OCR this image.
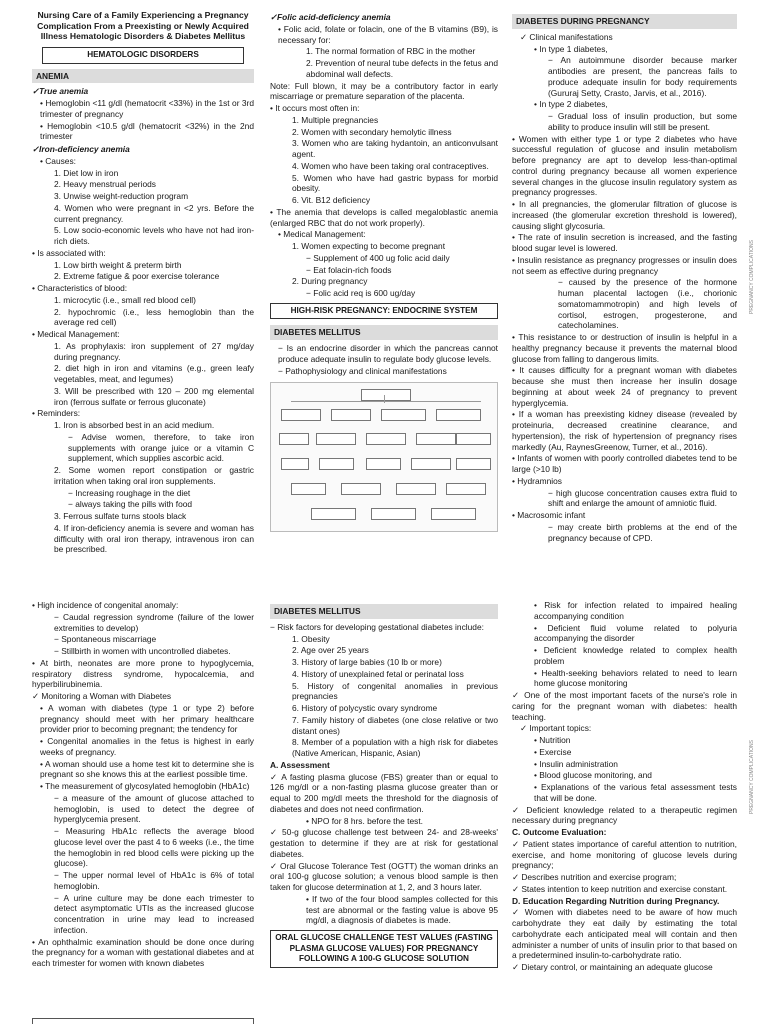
Nursing Care of a Family Experiencing a Pregnancy Complication From a Preexisting or Newly Acquired Illness Hematologic Disorders & Diabetes Mellitus
HEMATOLOGIC DISORDERS
ANEMIA
✓True anemia
• Hemoglobin <11 g/dl (hematocrit <33%) in the 1st or 3rd trimester of pregnancy
• Hemoglobin <10.5 g/dl (hematocrit <32%) in the 2nd trimester
✓Iron-deficiency anemia
• Causes:
1. Diet low in iron
2. Heavy menstrual periods
3. Unwise weight-reduction program
4. Women who were pregnant in <2 yrs. Before the current pregnancy.
5. Low socio-economic levels who have not had iron-rich diets.
• Is associated with:
1. Low birth weight & preterm birth
2. Extreme fatigue & poor exercise tolerance
• Characteristics of blood:
1. microcytic (i.e., small red blood cell)
2. hypochromic (i.e., less hemoglobin than the average red cell)
• Medical Management:
1. As prophylaxis: iron supplement of 27 mg/day during pregnancy.
2. diet high in iron and vitamins (e.g., green leafy vegetables, meat, and legumes)
3. Will be prescribed with 120 – 200 mg elemental iron (ferrous sulfate or ferrous gluconate)
• Reminders:
1. Iron is absorbed best in an acid medium.
− Advise women, therefore, to take iron supplements with orange juice or a vitamin C supplement, which supplies ascorbic acid.
2. Some women report constipation or gastric irritation when taking oral iron supplements.
− Increasing roughage in the diet
− always taking the pills with food
3. Ferrous sulfate turns stools black
4. If iron-deficiency anemia is severe and woman has difficulty with oral iron therapy, intravenous iron can be prescribed.
✓Folic acid-deficiency anemia
• Folic acid, folate or folacin, one of the B vitamins (B9), is necessary for:
1. The normal formation of RBC in the mother
2. Prevention of neural tube defects in the fetus and abdominal wall defects.
Note: Full blown, it may be a contributory factor in early miscarriage or premature separation of the placenta.
• It occurs most often in:
1. Multiple pregnancies
2. Women with secondary hemolytic illness
3. Women who are taking hydantoin, an anticonvulsant agent.
4. Women who have been taking oral contraceptives.
5. Women who have had gastric bypass for morbid obesity.
6. Vit. B12 deficiency
• The anemia that develops is called megaloblastic anemia (enlarged RBC that do not work properly).
• Medical Management:
1. Women expecting to become pregnant
− Supplement of 400 ug folic acid daily
− Eat folacin-rich foods
2. During pregnancy
− Folic acid req is 600 ug/day
HIGH-RISK PREGNANCY: ENDOCRINE SYSTEM
DIABETES MELLITUS
− Is an endocrine disorder in which the pancreas cannot produce adequate insulin to regulate body glucose levels.
− Pathophysiology and clinical manifestations
DIABETES DURING PREGNANCY
✓ Clinical manifestations
• In type 1 diabetes,
− An autoimmune disorder because marker antibodies are present, the pancreas fails to produce adequate insulin for body requirements (Gururaj Setty, Crasto, Jarvis, et al., 2016).
• In type 2 diabetes,
− Gradual loss of insulin production, but some ability to produce insulin will still be present.
• Women with either type 1 or type 2 diabetes who have successful regulation of glucose and insulin metabolism before pregnancy are apt to develop less-than-optimal control during pregnancy because all women experience several changes in the glucose insulin regulatory system as pregnancy progresses.
• In all pregnancies, the glomerular filtration of glucose is increased (the glomerular excretion threshold is lowered), causing slight glycosuria.
• The rate of insulin secretion is increased, and the fasting blood sugar level is lowered.
• Insulin resistance as pregnancy progresses or insulin does not seem as effective during pregnancy
− caused by the presence of the hormone human placental lactogen (i.e., chorionic somatomammotropin) and high levels of cortisol, estrogen, progesterone, and catecholamines.
• This resistance to or destruction of insulin is helpful in a healthy pregnancy because it prevents the maternal blood glucose from falling to dangerous limits.
• It causes difficulty for a pregnant woman with diabetes because she must then increase her insulin dosage beginning at about week 24 of pregnancy to prevent hyperglycemia.
• If a woman has preexisting kidney disease (revealed by proteinuria, decreased creatinine clearance, and hypertension), the risk of hypertension of pregnancy rises markedly (Au, RaynesGreenow, Turner, et al., 2016).
• Infants of women with poorly controlled diabetes tend to be large (>10 lb)
• Hydramnios
− high glucose concentration causes extra fluid to shift and enlarge the amount of amniotic fluid.
• Macrosomic infant
− may create birth problems at the end of the pregnancy because of CPD.
• High incidence of congenital anomaly:
− Caudal regression syndrome (failure of the lower extremities to develop)
− Spontaneous miscarriage
− Stillbirth in women with uncontrolled diabetes.
• At birth, neonates are more prone to hypoglycemia, respiratory distress syndrome, hypocalcemia, and hyperbilirubinemia.
✓ Monitoring a Woman with Diabetes
• A woman with diabetes (type 1 or type 2) before pregnancy should meet with her primary healthcare provider prior to becoming pregnant; the tendency for
• Congenital anomalies in the fetus is highest in early weeks of pregnancy.
• A woman should use a home test kit to determine she is pregnant so she knows this at the earliest possible time.
• The measurement of glycosylated hemoglobin (HbA1c)
− a measure of the amount of glucose attached to hemoglobin, is used to detect the degree of hyperglycemia present.
− Measuring HbA1c reflects the average blood glucose level over the past 4 to 6 weeks (i.e., the time the hemoglobin in red blood cells were picking up the glucose).
− The upper normal level of HbA1c is 6% of total hemoglobin.
− A urine culture may be done each trimester to detect asymptomatic UTIs as the increased glucose concentration in urine may lead to increased infection.
• An ophthalmic examination should be done once during the pregnancy for a woman with gestational diabetes and at each trimester for women with known diabetes
DIABETES MELLITUS
− Risk factors for developing gestational diabetes include:
1. Obesity
2. Age over 25 years
3. History of large babies (10 lb or more)
4. History of unexplained fetal or perinatal loss
5. History of congenital anomalies in previous pregnancies
6. History of polycystic ovary syndrome
7. Family history of diabetes (one close relative or two distant ones)
8. Member of a population with a high risk for diabetes (Native American, Hispanic, Asian)
A. Assessment
✓ A fasting plasma glucose (FBS) greater than or equal to 126 mg/dl or a non-fasting plasma glucose greater than or equal to 200 mg/dl meets the threshold for the diagnosis of diabetes and does not need confirmation.
• NPO for 8 hrs. before the test.
✓ 50-g glucose challenge test between 24- and 28-weeks' gestation to determine if they are at risk for gestational diabetes.
✓ Oral Glucose Tolerance Test (OGTT) the woman drinks an oral 100-g glucose solution; a venous blood sample is then taken for glucose determination at 1, 2, and 3 hours later.
• If two of the four blood samples collected for this test are abnormal or the fasting value is above 95 mg/dl, a diagnosis of diabetes is made.
ORAL GLUCOSE CHALLENGE TEST VALUES (FASTING PLASMA GLUCOSE VALUES) FOR PREGNANCY FOLLOWING A 100-G GLUCOSE SOLUTION
• Risk for infection related to impaired healing accompanying condition
• Deficient fluid volume related to polyuria accompanying the disorder
• Deficient knowledge related to complex health problem
• Health-seeking behaviors related to need to learn home glucose monitoring
✓ One of the most important facets of the nurse's role in caring for the pregnant woman with diabetes: health teaching.
✓ Important topics:
• Nutrition
• Exercise
• Insulin administration
• Blood glucose monitoring, and
• Explanations of the various fetal assessment tests that will be done.
✓ Deficient knowledge related to a therapeutic regimen necessary during pregnancy
C. Outcome Evaluation:
✓ Patient states importance of careful attention to nutrition, exercise, and home monitoring of glucose levels during pregnancy;
✓ Describes nutrition and exercise program;
✓ States intention to keep nutrition and exercise constant.
D. Education Regarding Nutrition during Pregnancy.
✓ Women with diabetes need to be aware of how much carbohydrate they eat daily by estimating the total carbohydrate each anticipated meal will contain and then administer a number of units of insulin prior to that based on a predetermined insulin-to-carbohydrate ratio.
✓ Dietary control, or maintaining an adequate glucose
PREGNANCY COMPLICATIONS
PREGNANCY COMPLICATIONS
